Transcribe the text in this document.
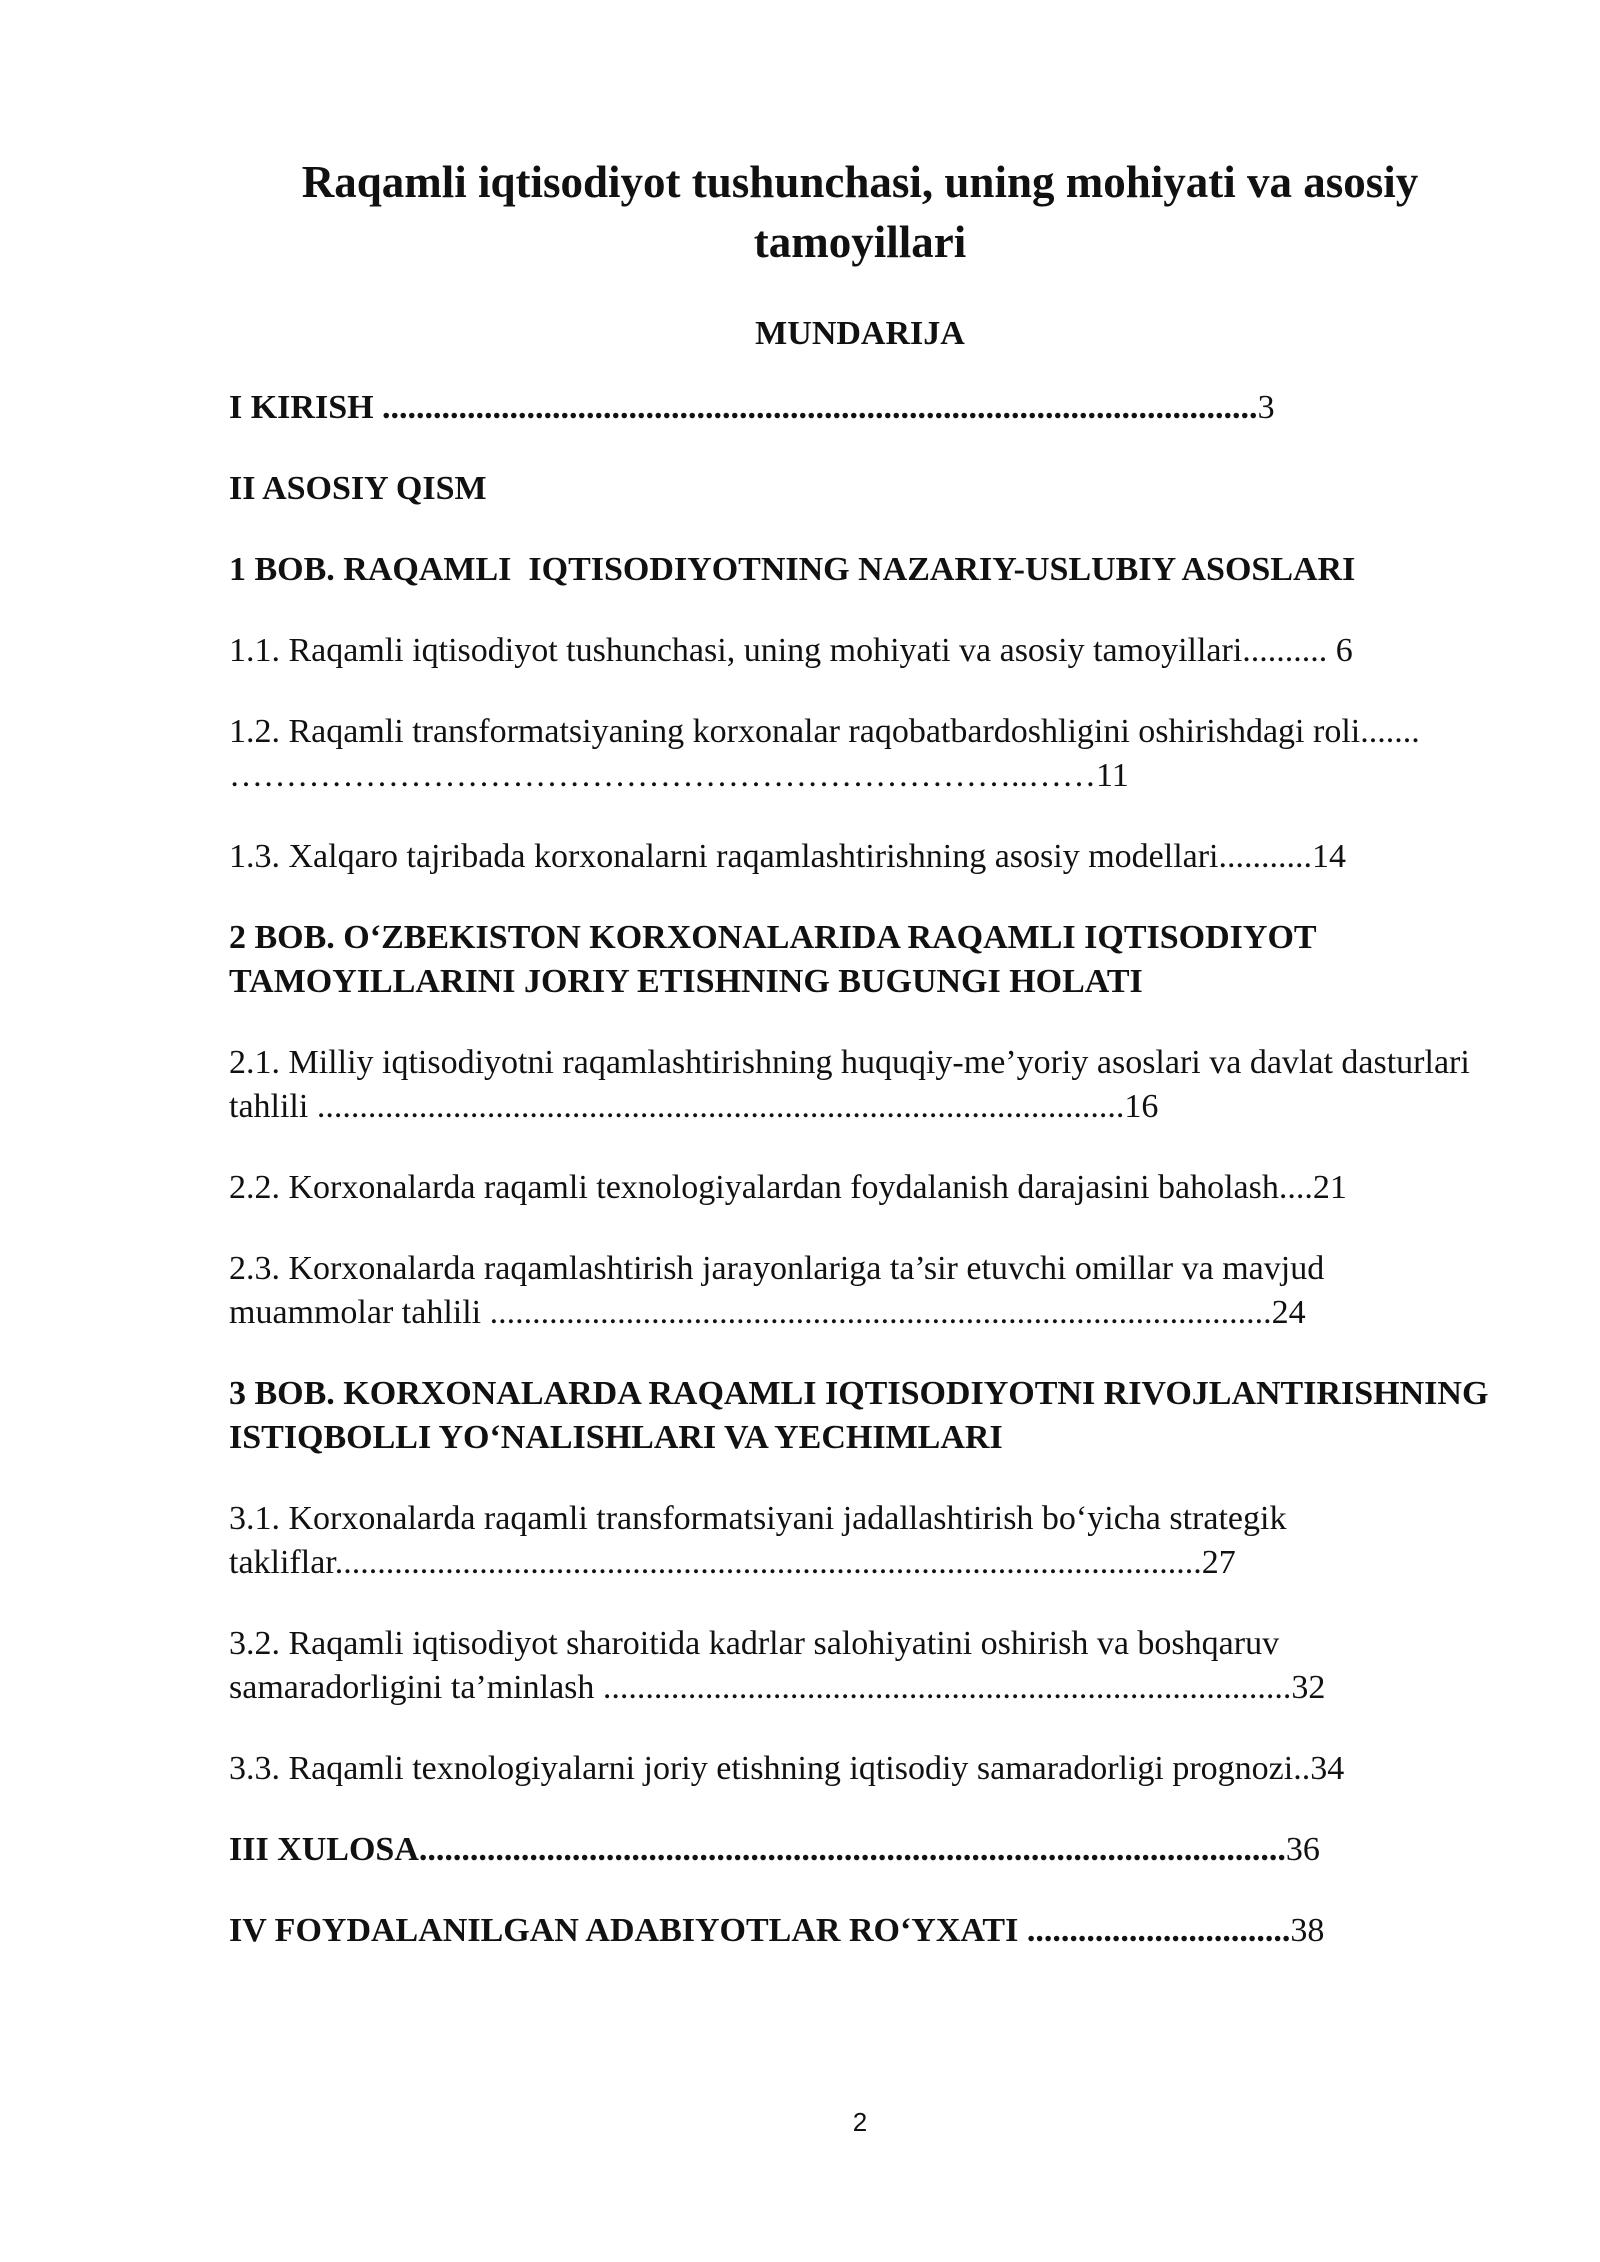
Raqamli iqtisodiyot tushunchasi, uning mohiyati va asosiy tamoyillari
MUNDARIJA
I KIRISH .......................................................................................................3
II ASOSIY QISM
1 BOB. RAQAMLI  IQTISODIYOTNING NAZARIY-USLUBIY ASOSLARI
1.1. Raqamli iqtisodiyot tushunchasi, uning mohiyati va asosiy tamoyillari.......... 6
1.2. Raqamli transformatsiyaning korxonalar raqobatbardoshligini oshirishdagi roli....... ……………………………………………………………..……11
1.3. Xalqaro tajribada korxonalarni raqamlashtirishning asosiy modellari...........14
2 BOB. O‘ZBEKISTON KORXONALARIDA RAQAMLI IQTISODIYOT TAMOYILLARINI JORIY ETISHNING BUGUNGI HOLATI
2.1. Milliy iqtisodiyotni raqamlashtirishning huquqiy-me’yoriy asoslari va davlat dasturlari tahlili ...............................................................................................16
2.2. Korxonalarda raqamli texnologiyalardan foydalanish darajasini baholash....21
2.3. Korxonalarda raqamlashtirish jarayonlariga ta’sir etuvchi omillar va mavjud muammolar tahlili ............................................................................................24
3 BOB. KORXONALARDA RAQAMLI IQTISODIYOTNI RIVOJLANTIRISHNING ISTIQBOLLI YO‘NALISHLARI VA YECHIMLARI
3.1. Korxonalarda raqamli transformatsiyani jadallashtirish bo‘yicha strategik takliflar......................................................................................................27
3.2. Raqamli iqtisodiyot sharoitida kadrlar salohiyatini oshirish va boshqaruv samaradorligini ta’minlash .................................................................................32
3.3. Raqamli texnologiyalarni joriy etishning iqtisodiy samaradorligi prognozi..34
III XULOSA......................................................................................................36
IV FOYDALANILGAN ADABIYOTLAR RO‘YXATI ...............................38
2
